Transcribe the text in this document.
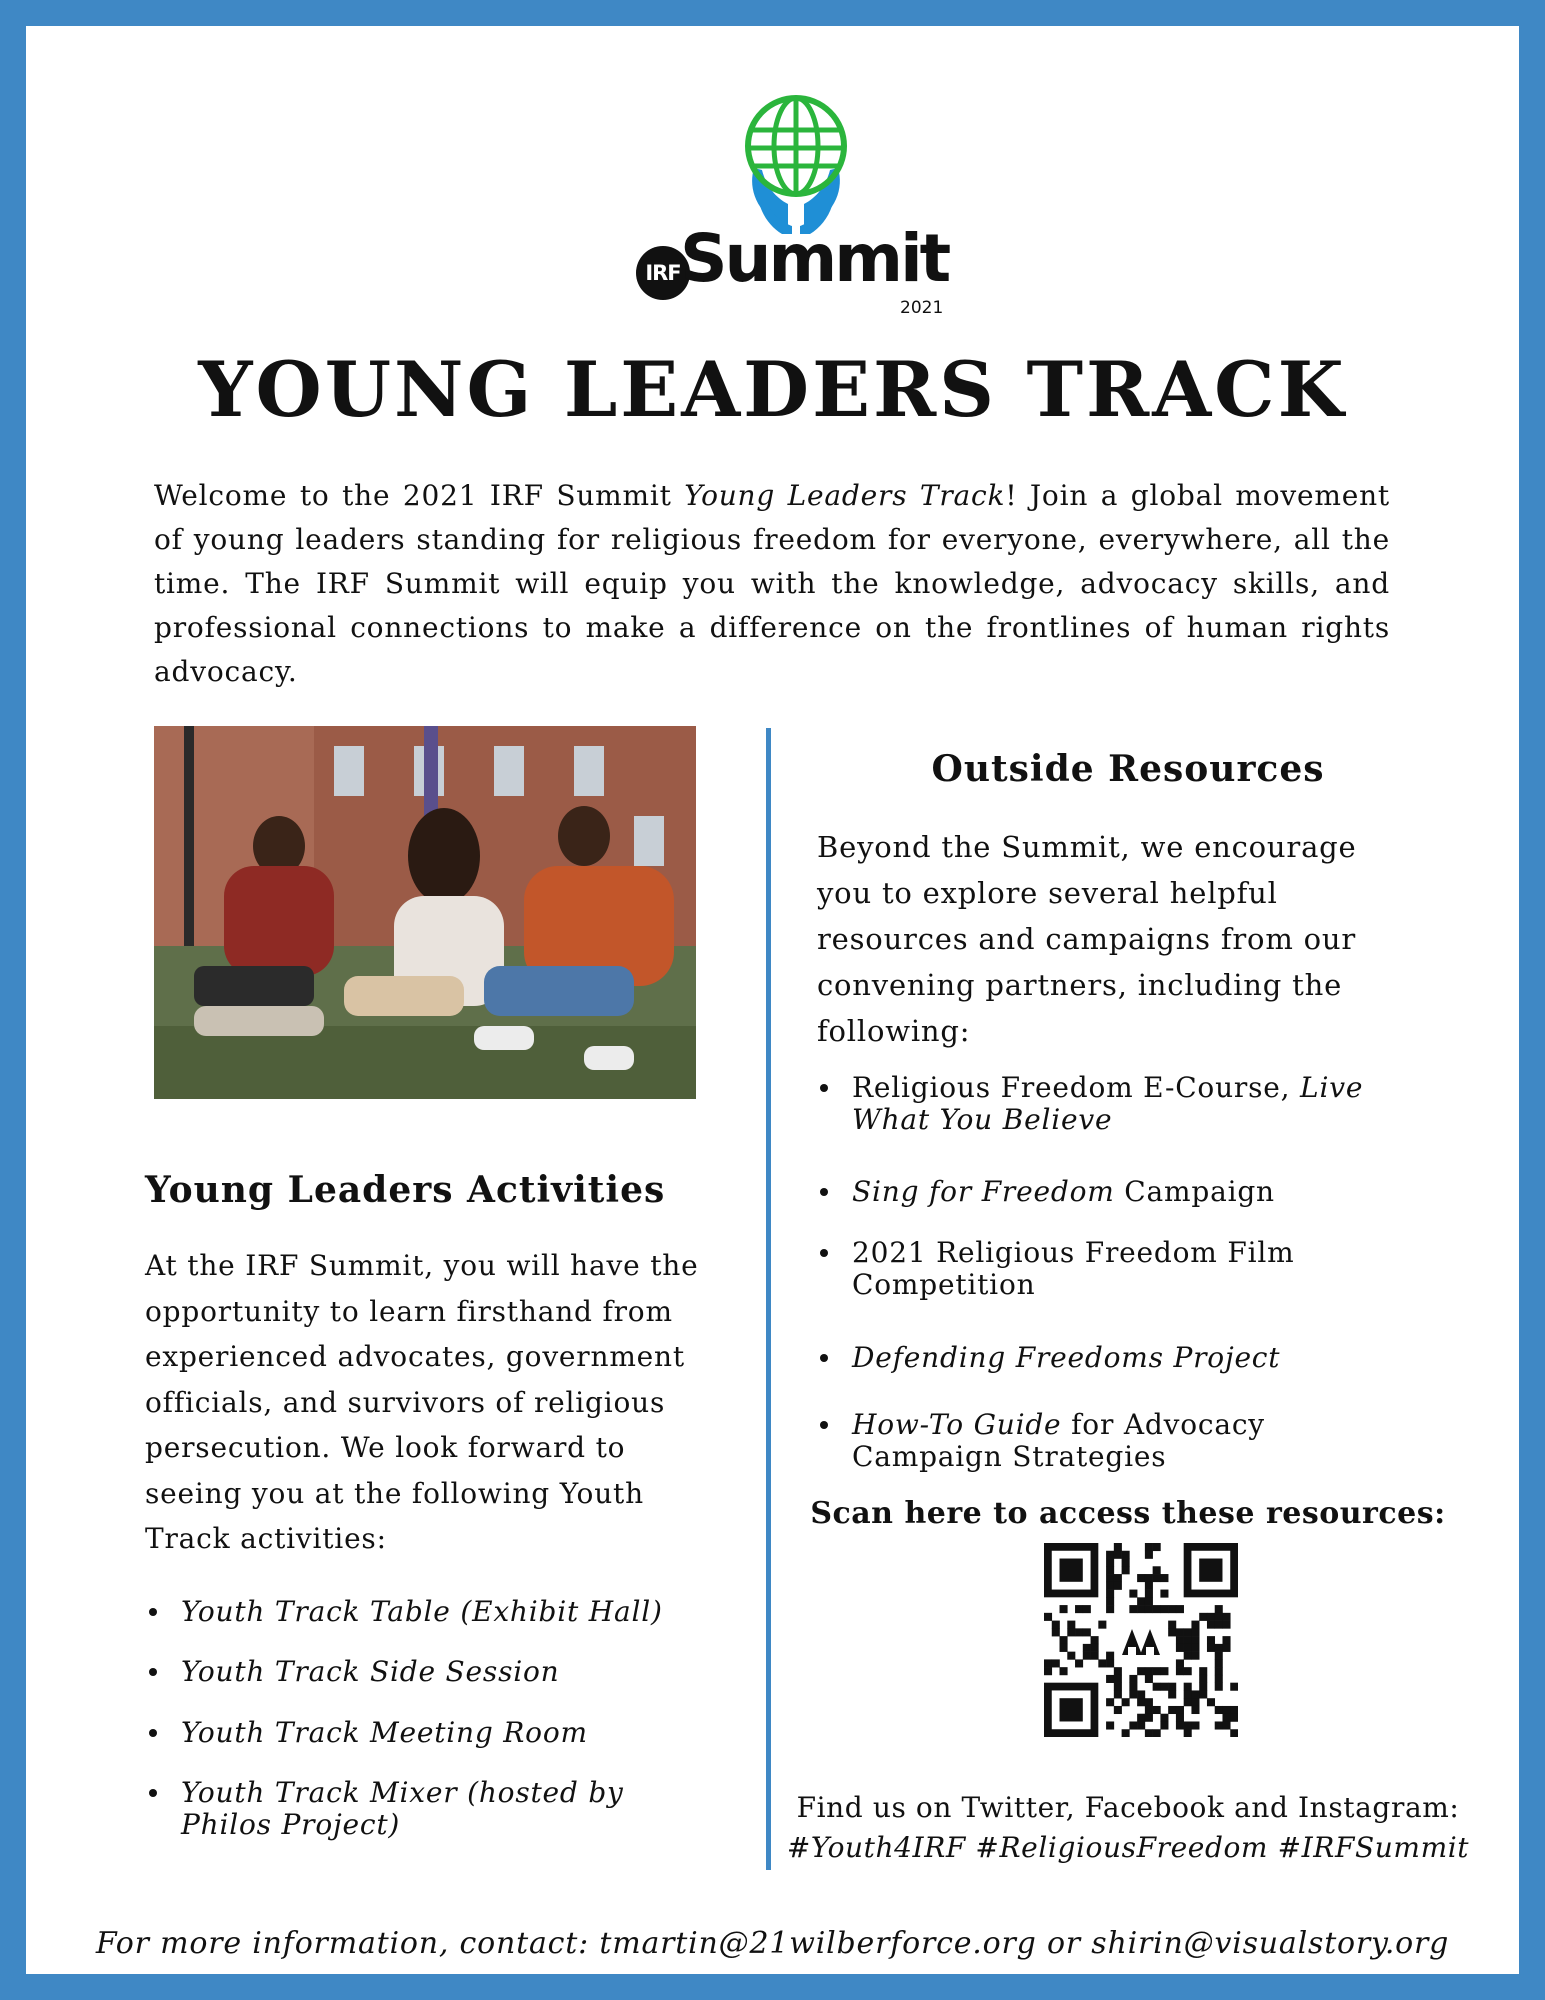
IRF Summit
2021
YOUNG LEADERS TRACK

Welcome to the 2021 IRF Summit Young Leaders Track! Join a global movement of young leaders standing for religious freedom for everyone, everywhere, all the time. The IRF Summit will equip you with the knowledge, advocacy skills, and professional connections to make a difference on the frontlines of human rights advocacy.

Young Leaders Activities

At the IRF Summit, you will have the opportunity to learn firsthand from experienced advocates, government officials, and survivors of religious persecution. We look forward to seeing you at the following Youth Track activities:

Youth Track Table (Exhibit Hall)
Youth Track Side Session
Youth Track Meeting Room
Youth Track Mixer (hosted by Philos Project)
Outside Resources

Beyond the Summit, we encourage you to explore several helpful resources and campaigns from our convening partners, including the following:

Religious Freedom E-Course, Live What You Believe
Sing for Freedom Campaign
2021 Religious Freedom Film Competition
Defending Freedoms Project
How-To Guide for Advocacy Campaign Strategies

Scan here to access these resources:

Find us on Twitter, Facebook and Instagram:
#Youth4IRF #ReligiousFreedom #IRFSummit

For more information, contact: tmartin@21wilberforce.org or shirin@visualstory.org
